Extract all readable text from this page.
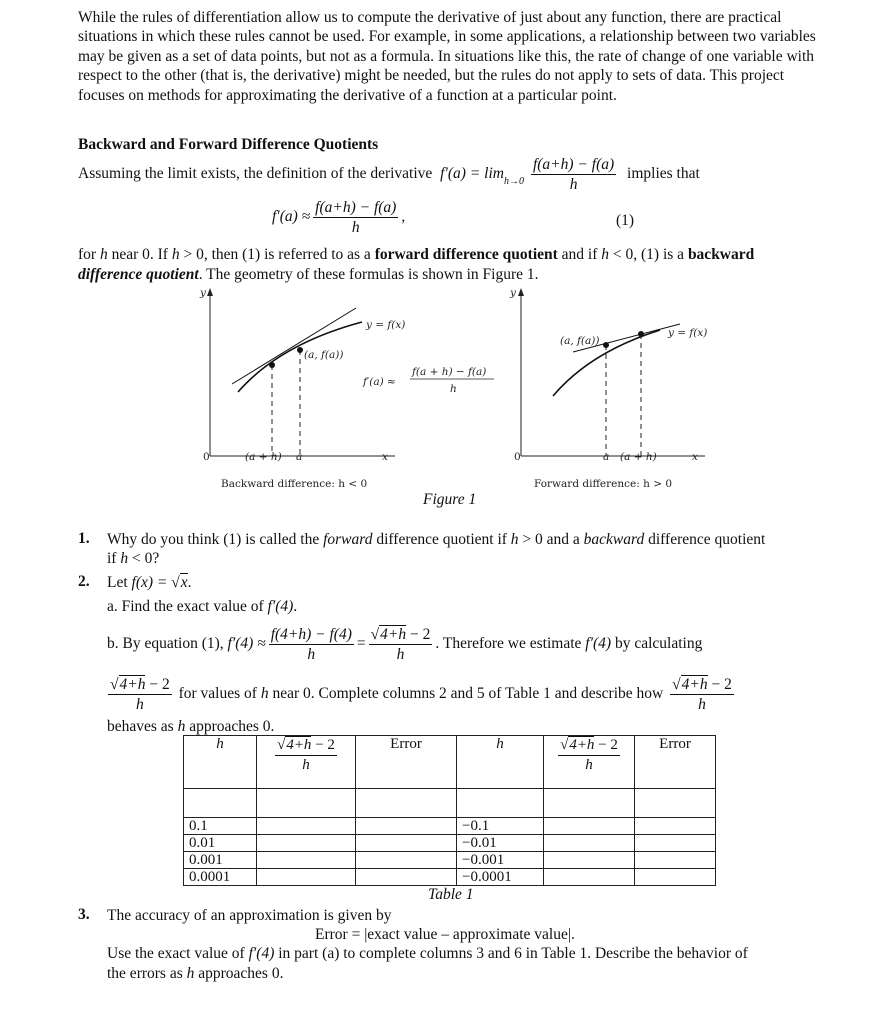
While the rules of differentiation allow us to compute the derivative of just about any function, there are practical situations in which these rules cannot be used. For example, in some applications, a relationship between two variables may be given as a set of data points, but not as a formula. In situations like this, the rate of change of one variable with respect to the other (that is, the derivative) might be needed, but the rules do not apply to sets of data. This project focuses on methods for approximating the derivative of a function at a particular point.
Backward and Forward Difference Quotients
Assuming the limit exists, the definition of the derivative $f'(a) = \lim h\to 0 \frac{f(a+h) - f(a)}{h}$ implies that
$f'(a) \approx \frac{f(a+h) - f(a)}{h}$ ,	(1)
for h near 0. If h > 0, then (1) is referred to as a forward difference quotient and if h < 0, (1) is a backward
difference quotient. The geometry of these formulas is shown in Figure 1.
y
0	x
y = f(x)
(a, f(a))
f′(a) ≈
f(a + h) − f(a)
h
(a + h) a
Backward difference: h < 0
y
0	x
y = f(x)
(a, f(a))
a (a + h)
Forward difference: h > 0
Figure 1
1. Why do you think (1) is called the forward difference quotient if h > 0 and a backward difference quotient
if h < 0?
2. Let f(x) = √x.
a. Find the exact value of f′(4).
b. By equation (1), $f'(4) \approx \frac{f(4+h) - f(4)}{h} = \frac{√4+h - 2}{h}$ . Therefore we estimate f′(4) by calculating
$\frac{√4+h - 2}{h}$ for values of h near 0. Complete columns 2 and 5 of Table 1 and describe how $\frac{√4+h - 2}{h}$
behaves as h approaches 0.
h	$\frac{√4+h - 2}{h}$	Error	h	$\frac{√4+h - 2}{h}$	Error

0.1			−0.1		
0.01			−0.01		
0.001			−0.001		
0.0001			−0.0001		
Table 1
3. The accuracy of an approximation is given by
Error = |exact value – approximate value|.
Use the exact value of f′(4) in part (a) to complete columns 3 and 6 in Table 1. Describe the behavior of
the errors as h approaches 0.
